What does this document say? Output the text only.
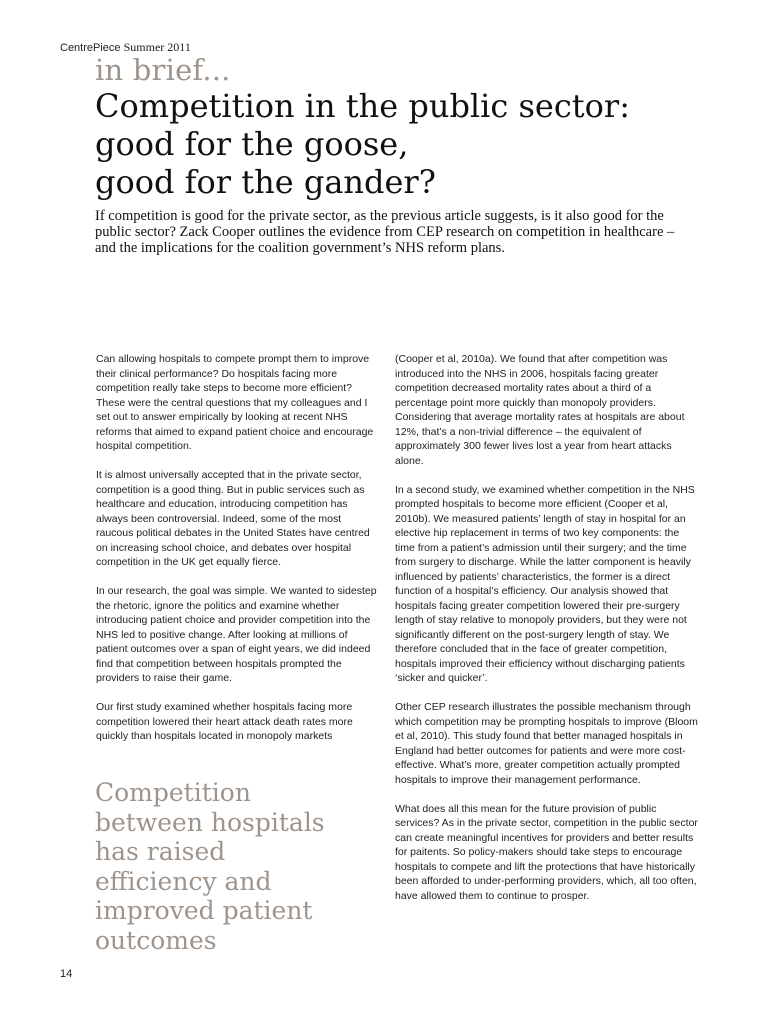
CentrePiece Summer 2011
in brief...
Competition in the public sector:
good for the goose,
good for the gander?

If competition is good for the private sector, as the previous article suggests, is it also good for the public sector? Zack Cooper outlines the evidence from CEP research on competition in healthcare – and the implications for the coalition government’s NHS reform plans.

Can allowing hospitals to compete prompt them to improve their clinical performance? Do hospitals facing more competition really take steps to become more efficient? These were the central questions that my colleagues and I set out to answer empirically by looking at recent NHS reforms that aimed to expand patient choice and encourage hospital competition.

It is almost universally accepted that in the private sector, competition is a good thing. But in public services such as healthcare and education, introducing competition has always been controversial. Indeed, some of the most raucous political debates in the United States have centred on increasing school choice, and debates over hospital competition in the UK get equally fierce.

In our research, the goal was simple. We wanted to sidestep the rhetoric, ignore the politics and examine whether introducing patient choice and provider competition into the NHS led to positive change. After looking at millions of patient outcomes over a span of eight years, we did indeed find that competition between hospitals prompted the providers to raise their game.

Our first study examined whether hospitals facing more competition lowered their heart attack death rates more quickly than hospitals located in monopoly markets

(Cooper et al, 2010a). We found that after competition was introduced into the NHS in 2006, hospitals facing greater competition decreased mortality rates about a third of a percentage point more quickly than monopoly providers. Considering that average mortality rates at hospitals are about 12%, that’s a non-trivial difference – the equivalent of approximately 300 fewer lives lost a year from heart attacks alone.

In a second study, we examined whether competition in the NHS prompted hospitals to become more efficient (Cooper et al, 2010b). We measured patients’ length of stay in hospital for an elective hip replacement in terms of two key components: the time from a patient’s admission until their surgery; and the time from surgery to discharge. While the latter component is heavily influenced by patients’ characteristics, the former is a direct function of a hospital’s efficiency. Our analysis showed that hospitals facing greater competition lowered their pre-surgery length of stay relative to monopoly providers, but they were not significantly different on the post-surgery length of stay. We therefore concluded that in the face of greater competition, hospitals improved their efficiency without discharging patients ‘sicker and quicker’.

Other CEP research illustrates the possible mechanism through which competition may be prompting hospitals to improve (Bloom et al, 2010). This study found that better managed hospitals in England had better outcomes for patients and were more cost-effective. What’s more, greater competition actually prompted hospitals to improve their management performance.

What does all this mean for the future provision of public services? As in the private sector, competition in the public sector can create meaningful incentives for providers and better results for paitents. So policy-makers should take steps to encourage hospitals to compete and lift the protections that have historically been afforded to under-performing providers, which, all too often, have allowed them to continue to prosper.

Competition
between hospitals
has raised
efficiency and
improved patient
outcomes

14
